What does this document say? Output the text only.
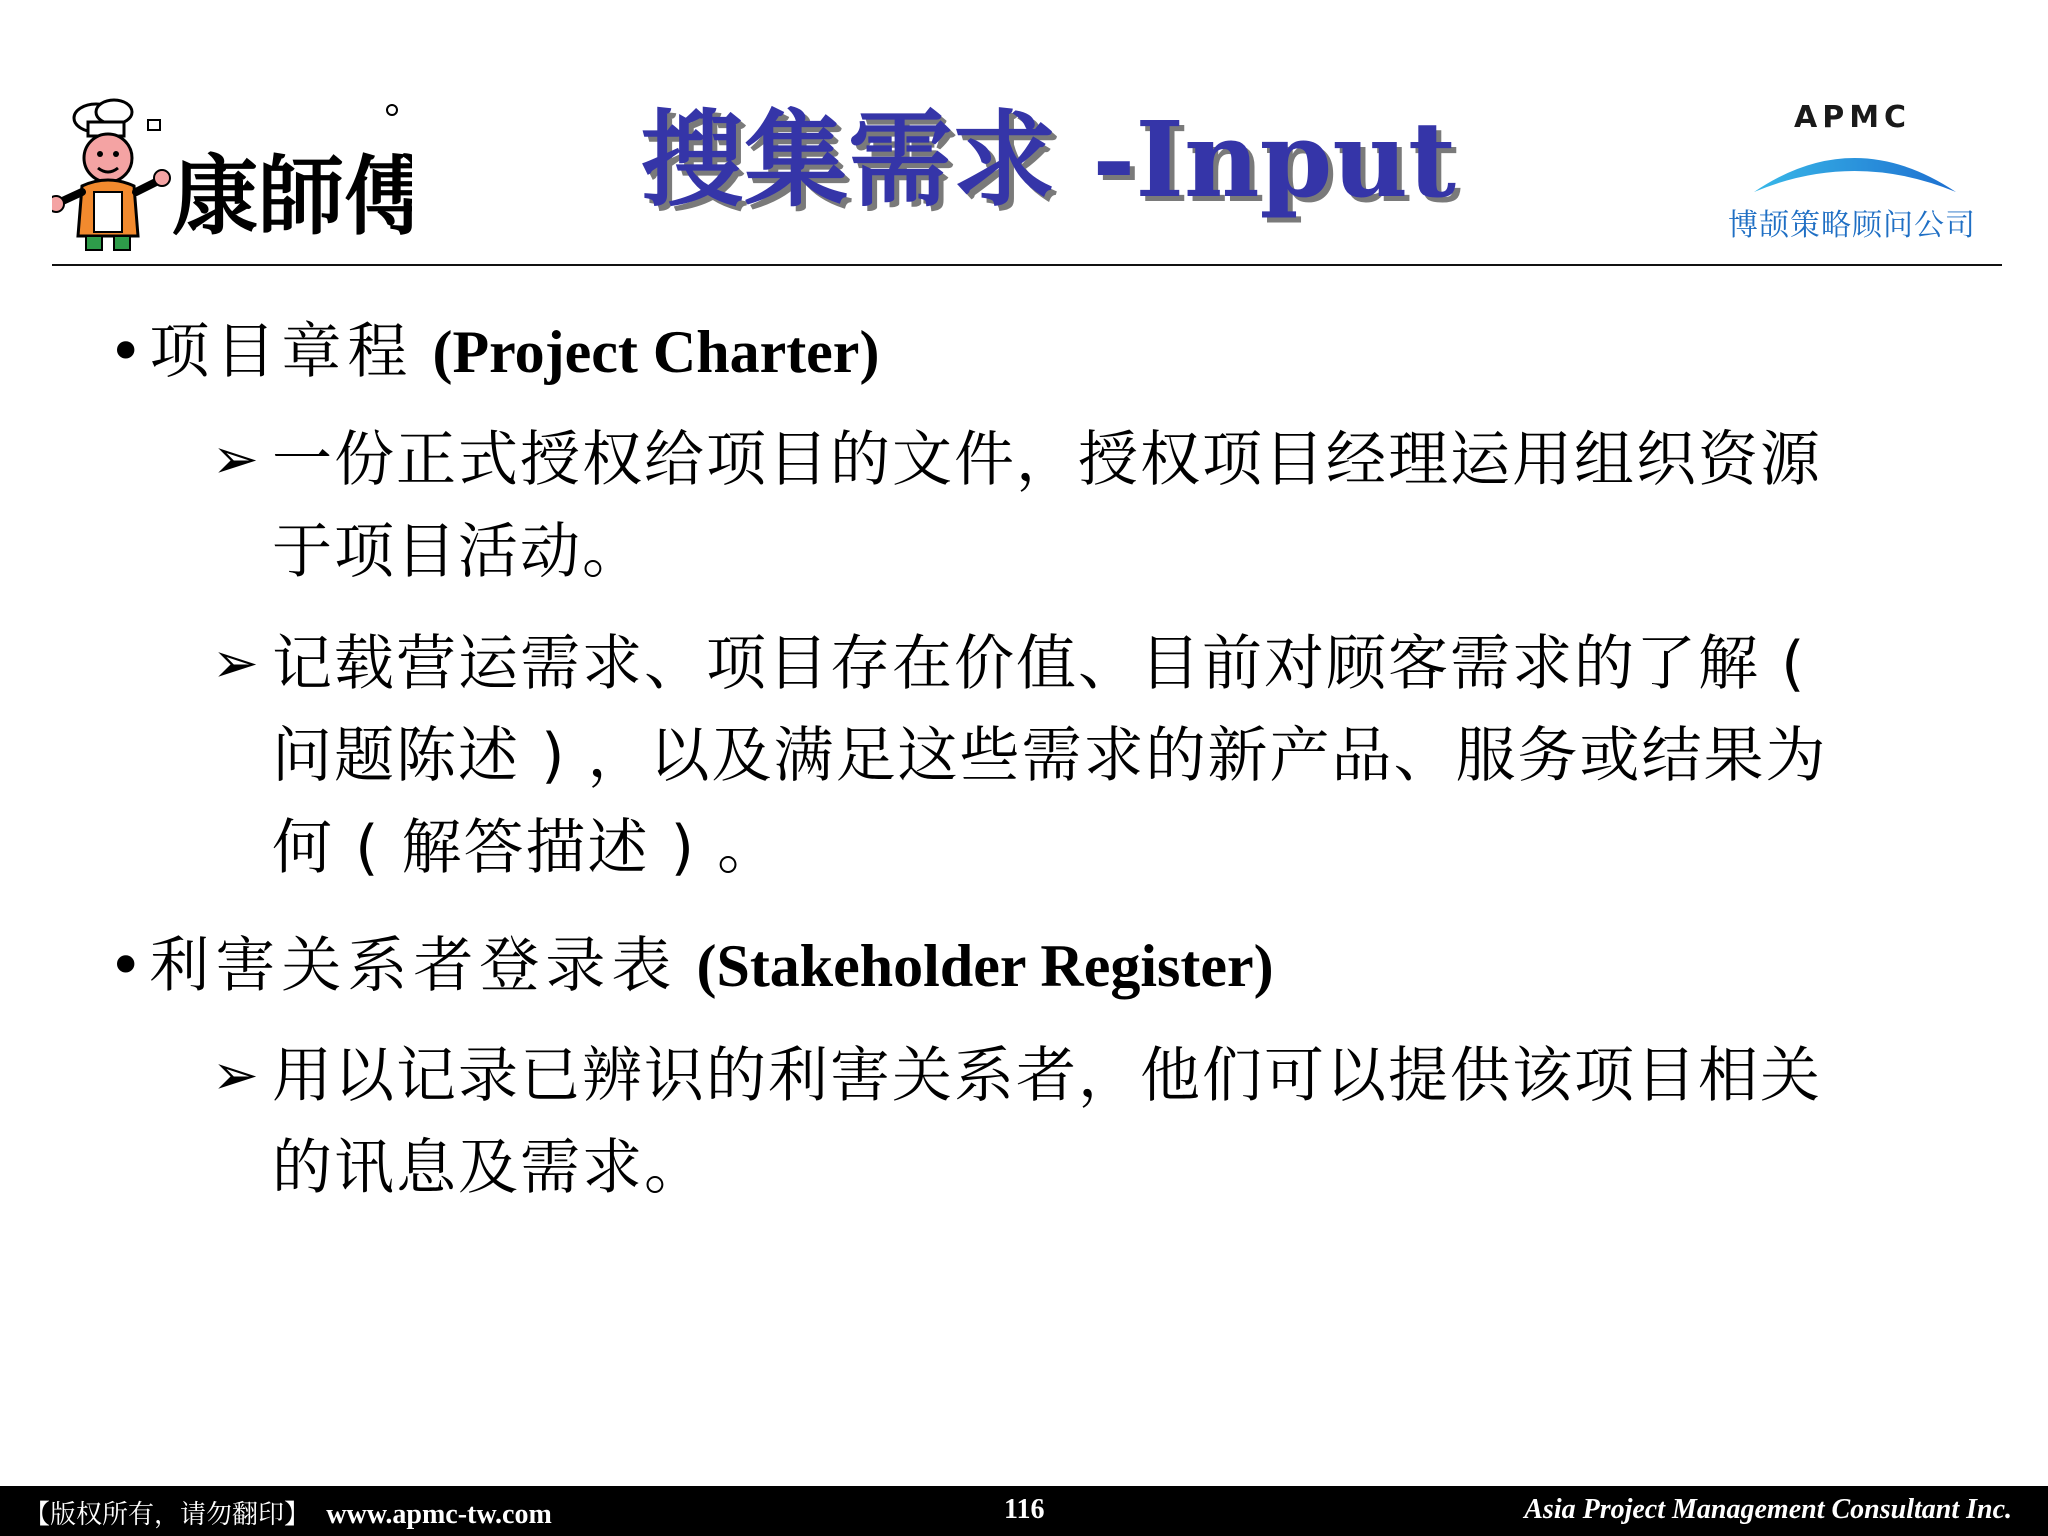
康師傅 搜集需求 -Input	APMC
博颉策略顾问公司
•项目章程 (Project Charter)
➢ 一份正式授权给项目的文件，授权项目经理运用组织资源于项目活动。
➢ 记载营运需求、项目存在价值、目前对顾客需求的了解 ( 问题陈述 ) ，以及满足这些需求的新产品、服务或结果为何 ( 解答描述 ) 。
•利害关系者登录表 (Stakeholder Register)
➢ 用以记录已辨识的利害关系者，他们可以提供该项目相关的讯息及需求。
【版权所有，请勿翻印】 www.apmc-tw.com	116	Asia Project Management Consultant Inc.
